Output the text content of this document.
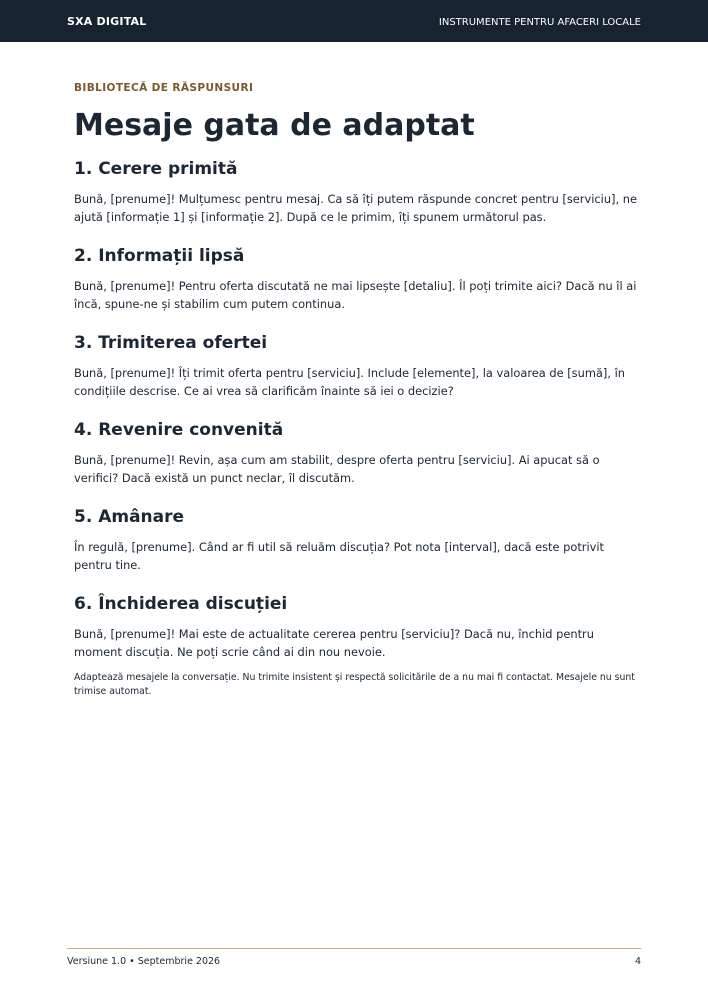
SXA DIGITAL	INSTRUMENTE PENTRU AFACERI LOCALE

BIBLIOTECĂ DE RĂSPUNSURI

Mesaje gata de adaptat
1. Cerere primită

Bună, [prenume]! Mulțumesc pentru mesaj. Ca să îți putem răspunde concret pentru [serviciu], ne ajută [informație 1] și [informație 2]. După ce le primim, îți spunem următorul pas.

2. Informații lipsă

Bună, [prenume]! Pentru oferta discutată ne mai lipsește [detaliu]. Îl poți trimite aici? Dacă nu îl ai încă, spune-ne și stabilim cum putem continua.

3. Trimiterea ofertei

Bună, [prenume]! Îți trimit oferta pentru [serviciu]. Include [elemente], la valoarea de [sumă], în condițiile descrise. Ce ai vrea să clarificăm înainte să iei o decizie?

4. Revenire convenită

Bună, [prenume]! Revin, așa cum am stabilit, despre oferta pentru [serviciu]. Ai apucat să o verifici? Dacă există un punct neclar, îl discutăm.

5. Amânare

În regulă, [prenume]. Când ar fi util să reluăm discuția? Pot nota [interval], dacă este potrivit pentru tine.

6. Închiderea discuției

Bună, [prenume]! Mai este de actualitate cererea pentru [serviciu]? Dacă nu, închid pentru moment discuția. Ne poți scrie când ai din nou nevoie.

Adaptează mesajele la conversație. Nu trimite insistent și respectă solicitările de a nu mai fi contactat. Mesajele nu sunt trimise automat.

Versiune 1.0 • Septembrie 2026	4
